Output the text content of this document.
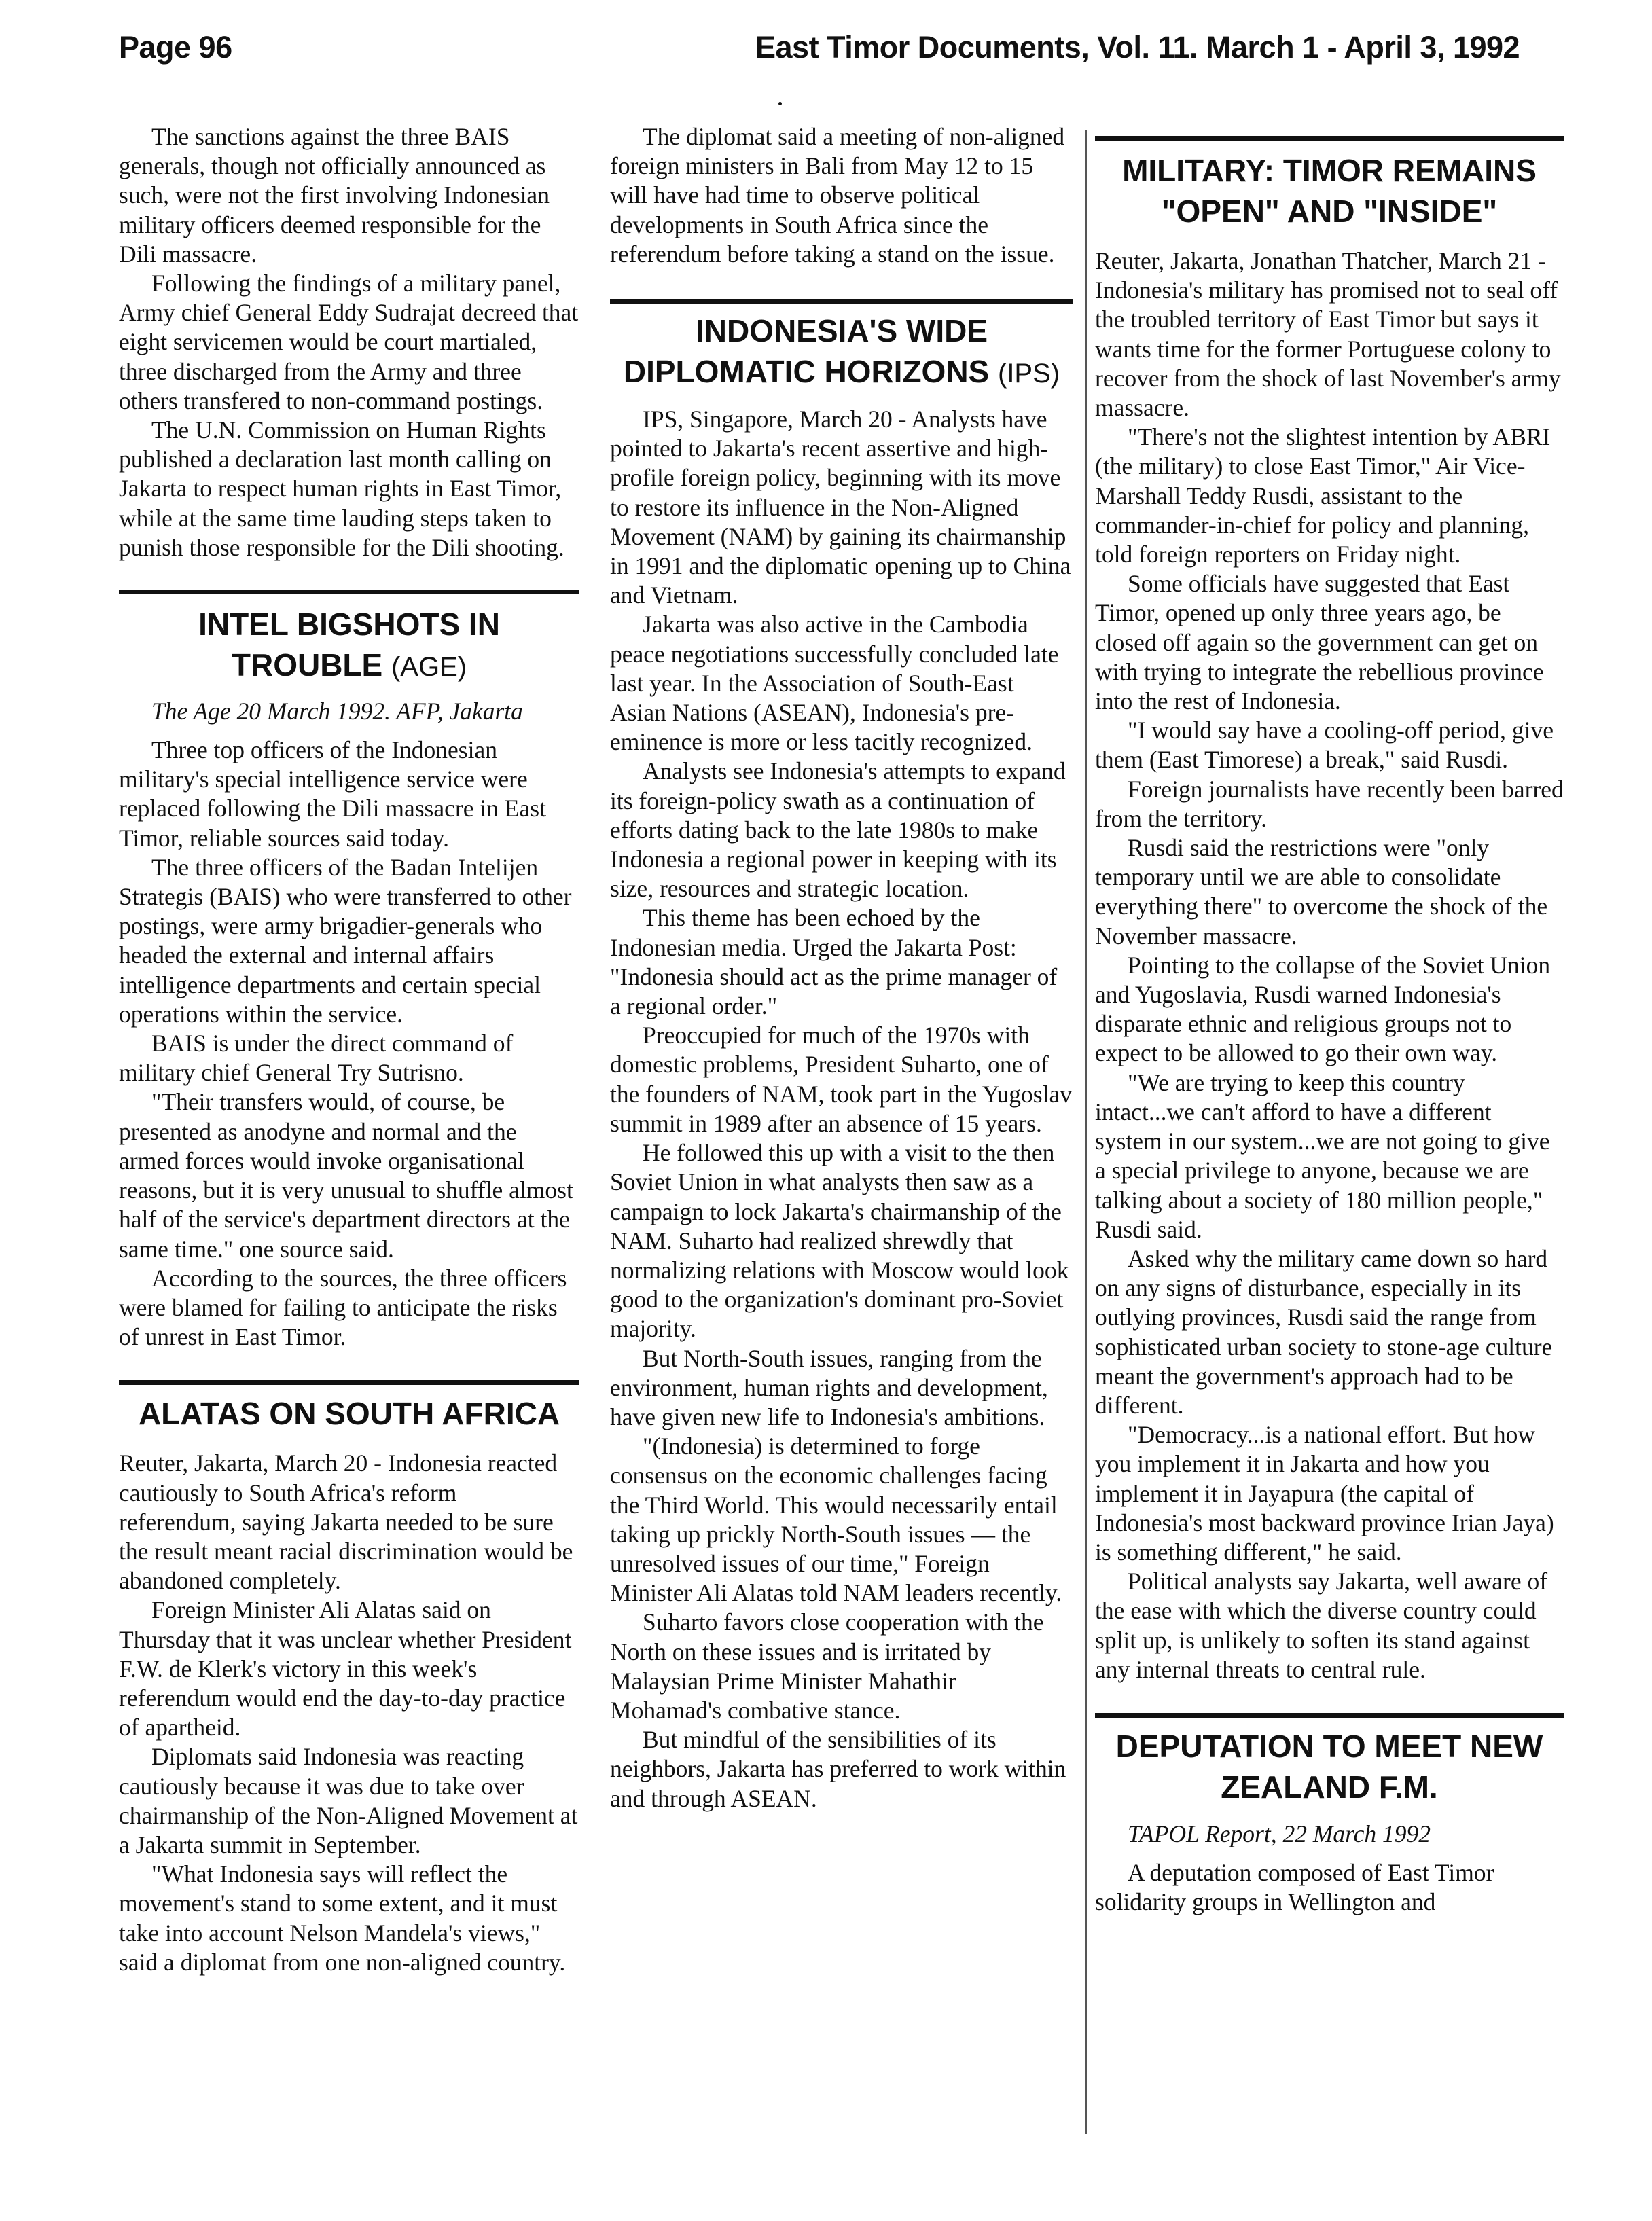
Page 96	East Timor Documents, Vol. 11. March 1 - April 3, 1992

The sanctions against the three BAIS generals, though not officially announced as such, were not the first involving Indonesian military officers deemed responsible for the Dili massacre.

Following the findings of a military panel, Army chief General Eddy Sudrajat decreed that eight servicemen would be court martialed, three discharged from the Army and three others transfered to non-command postings.

The U.N. Commission on Human Rights published a declaration last month calling on Jakarta to respect human rights in East Timor, while at the same time lauding steps taken to punish those responsible for the Dili shooting.

INTEL BIGSHOTS IN TROUBLE (AGE)

The Age 20 March 1992. AFP, Jakarta

Three top officers of the Indonesian military's special intelligence service were replaced following the Dili massacre in East Timor, reliable sources said today.

The three officers of the Badan Intelijen Strategis (BAIS) who were transferred to other postings, were army brigadier-generals who headed the external and internal affairs intelligence departments and certain special operations within the service.

BAIS is under the direct command of military chief General Try Sutrisno.

"Their transfers would, of course, be presented as anodyne and normal and the armed forces would invoke organisational reasons, but it is very unusual to shuffle almost half of the service's department directors at the same time." one source said.

According to the sources, the three officers were blamed for failing to anticipate the risks of unrest in East Timor.

ALATAS ON SOUTH AFRICA

Reuter, Jakarta, March 20 - Indonesia reacted cautiously to South Africa's reform referendum, saying Jakarta needed to be sure the result meant racial discrimination would be abandoned completely.

Foreign Minister Ali Alatas said on Thursday that it was unclear whether President F.W. de Klerk's victory in this week's referendum would end the day-to-day practice of apartheid.

Diplomats said Indonesia was reacting cautiously because it was due to take over chairmanship of the Non-Aligned Movement at a Jakarta summit in September.

"What Indonesia says will reflect the movement's stand to some extent, and it must take into account Nelson Mandela's views," said a diplomat from one non-aligned country.

The diplomat said a meeting of non-aligned foreign ministers in Bali from May 12 to 15 will have had time to observe political developments in South Africa since the referendum before taking a stand on the issue.

INDONESIA'S WIDE DIPLOMATIC HORIZONS (IPS)

IPS, Singapore, March 20 - Analysts have pointed to Jakarta's recent assertive and high-profile foreign policy, beginning with its move to restore its influence in the Non-Aligned Movement (NAM) by gaining its chairmanship in 1991 and the diplomatic opening up to China and Vietnam.

Jakarta was also active in the Cambodia peace negotiations successfully concluded late last year. In the Association of South-East Asian Nations (ASEAN), Indonesia's pre-eminence is more or less tacitly recognized.

Analysts see Indonesia's attempts to expand its foreign-policy swath as a continuation of efforts dating back to the late 1980s to make Indonesia a regional power in keeping with its size, resources and strategic location.

This theme has been echoed by the Indonesian media. Urged the Jakarta Post: "Indonesia should act as the prime manager of a regional order."

Preoccupied for much of the 1970s with domestic problems, President Suharto, one of the founders of NAM, took part in the Yugoslav summit in 1989 after an absence of 15 years.

He followed this up with a visit to the then Soviet Union in what analysts then saw as a campaign to lock Jakarta's chairmanship of the NAM. Suharto had realized shrewdly that normalizing relations with Moscow would look good to the organization's dominant pro-Soviet majority.

But North-South issues, ranging from the environment, human rights and development, have given new life to Indonesia's ambitions.

"(Indonesia) is determined to forge consensus on the economic challenges facing the Third World. This would necessarily entail taking up prickly North-South issues — the unresolved issues of our time," Foreign Minister Ali Alatas told NAM leaders recently.

Suharto favors close cooperation with the North on these issues and is irritated by Malaysian Prime Minister Mahathir Mohamad's combative stance.

But mindful of the sensibilities of its neighbors, Jakarta has preferred to work within and through ASEAN.

MILITARY: TIMOR REMAINS "OPEN" AND "INSIDE"

Reuter, Jakarta, Jonathan Thatcher, March 21 - Indonesia's military has promised not to seal off the troubled territory of East Timor but says it wants time for the former Portuguese colony to recover from the shock of last November's army massacre.

"There's not the slightest intention by ABRI (the military) to close East Timor," Air Vice-Marshall Teddy Rusdi, assistant to the commander-in-chief for policy and planning, told foreign reporters on Friday night.

Some officials have suggested that East Timor, opened up only three years ago, be closed off again so the government can get on with trying to integrate the rebellious province into the rest of Indonesia.

"I would say have a cooling-off period, give them (East Timorese) a break," said Rusdi.

Foreign journalists have recently been barred from the territory.

Rusdi said the restrictions were "only temporary until we are able to consolidate everything there" to overcome the shock of the November massacre.

Pointing to the collapse of the Soviet Union and Yugoslavia, Rusdi warned Indonesia's disparate ethnic and religious groups not to expect to be allowed to go their own way.

"We are trying to keep this country intact...we can't afford to have a different system in our system...we are not going to give a special privilege to anyone, because we are talking about a society of 180 million people," Rusdi said.

Asked why the military came down so hard on any signs of disturbance, especially in its outlying provinces, Rusdi said the range from sophisticated urban society to stone-age culture meant the government's approach had to be different.

"Democracy...is a national effort. But how you implement it in Jakarta and how you implement it in Jayapura (the capital of Indonesia's most backward province Irian Jaya) is something different," he said.

Political analysts say Jakarta, well aware of the ease with which the diverse country could split up, is unlikely to soften its stand against any internal threats to central rule.

DEPUTATION TO MEET NEW ZEALAND F.M.

TAPOL Report, 22 March 1992

A deputation composed of East Timor solidarity groups in Wellington and
